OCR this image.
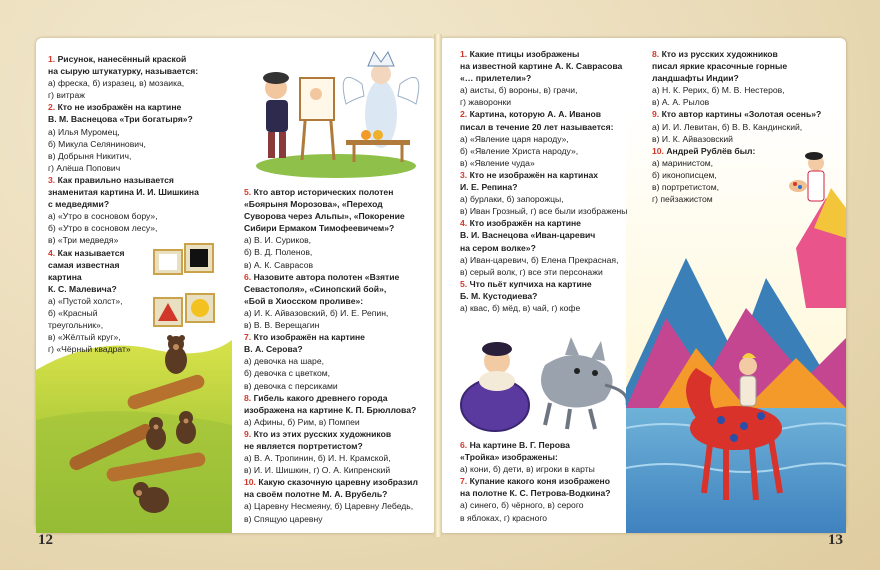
1. Рисунок, нанесённый краской
на сырую штукатурку, называется:
а) фреска, б) изразец, в) мозаика,
г) витраж
2. Кто не изображён на картине
В. М. Васнецова «Три богатыря»?
а) Илья Муромец,
б) Микула Селянинович,
в) Добрыня Никитич,
г) Алёша Попович
3. Как правильно называется
знаменитая картина И. И. Шишкина
с медведями?
а) «Утро в сосновом бору»,
б) «Утро в сосновом лесу»,
в) «Три медведя»
4. Как называется
самая известная
картина
К. С. Малевича?
а) «Пустой холст»,
б) «Красный
треугольник»,
в) «Жёлтый круг»,
г) «Чёрный квадрат»
5. Кто автор исторических полотен
«Боярыня Морозова», «Переход
Суворова через Альпы», «Покорение
Сибири Ермаком Тимофеевичем»?
а) В. И. Суриков,
б) В. Д. Поленов,
в) А. К. Саврасов
6. Назовите автора полотен «Взятие
Севастополя», «Синопский бой»,
«Бой в Хиосском проливе»:
а) И. К. Айвазовский, б) И. Е. Репин,
в) В. В. Верещагин
7. Кто изображён на картине
В. А. Серова?
а) девочка на шаре,
б) девочка с цветком,
в) девочка с персиками
8. Гибель какого древнего города
изображена на картине К. П. Брюллова?
а) Афины, б) Рим, в) Помпеи
9. Кто из этих русских художников
не является портретистом?
а) В. А. Тропинин, б) И. Н. Крамской,
в) И. И. Шишкин, г) О. А. Кипренский
10. Какую сказочную царевну изобразил
на своём полотне М. А. Врубель?
а) Царевну Несмеяну, б) Царевну Лебедь,
в) Спящую царевну
1. Какие птицы изображены
на известной картине А. К. Саврасова
«… прилетели»?
а) аисты, б) вороны, в) грачи,
г) жаворонки
2. Картина, которую А. А. Иванов
писал в течение 20 лет называется:
а) «Явление царя народу»,
б) «Явление Христа народу»,
в) «Явление чуда»
3. Кто не изображён на картинах
И. Е. Репина?
а) бурлаки, б) запорожцы,
в) Иван Грозный, г) все были изображены
4. Кто изображён на картине
В. И. Васнецова «Иван-царевич
на сером волке»?
а) Иван-царевич, б) Елена Прекрасная,
в) серый волк, г) все эти персонажи
5. Что пьёт купчиха на картине
Б. М. Кустодиева?
а) квас, б) мёд, в) чай, г) кофе
6. На картине В. Г. Перова
«Тройка» изображены:
а) кони, б) дети, в) игроки в карты
7. Купание какого коня изображено
на полотне К. С. Петрова-Водкина?
а) синего, б) чёрного, в) серого
в яблоках, г) красного
8. Кто из русских художников
писал яркие красочные горные
ландшафты Индии?
а) Н. К. Рерих, б) М. В. Нестеров,
в) А. А. Рылов
9. Кто автор картины «Золотая осень»?
а) И. И. Левитан, б) В. В. Кандинский,
в) И. К. Айвазовский
10. Андрей Рублёв был:
а) маринистом,
б) иконописцем,
в) портретистом,
г) пейзажистом
12	13
